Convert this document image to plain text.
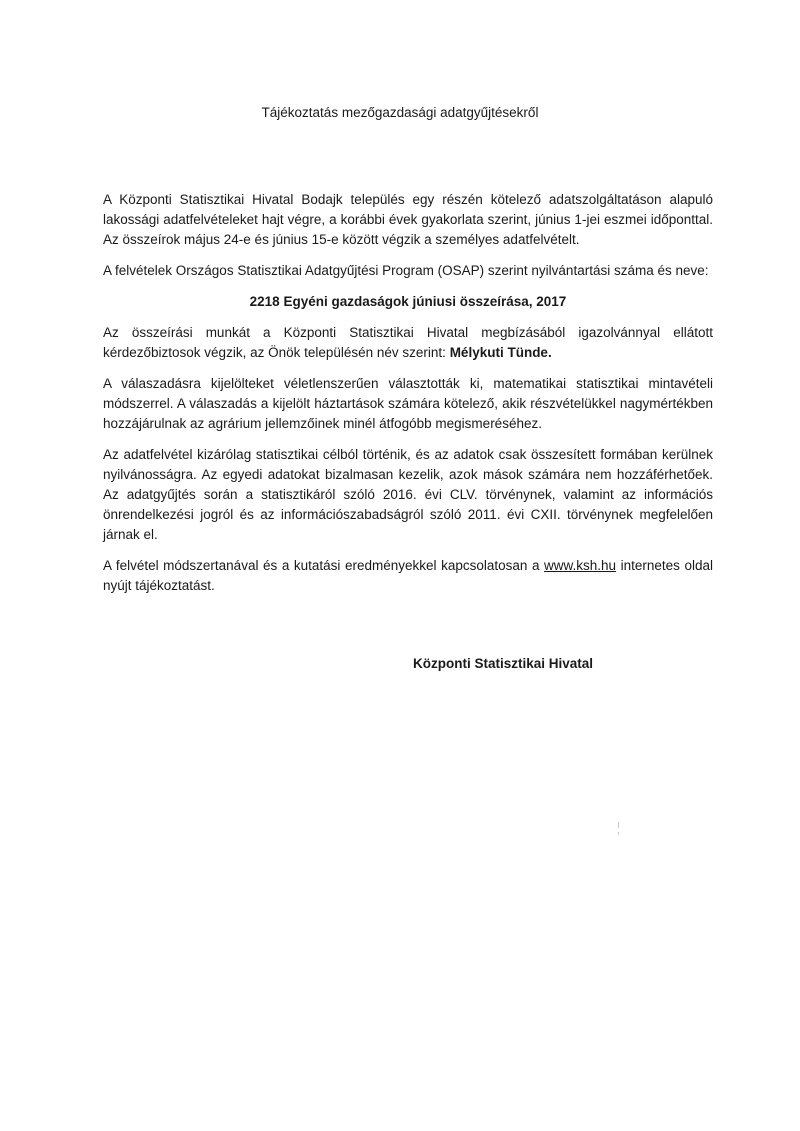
Tájékoztatás mezőgazdasági adatgyűjtésekről

A Központi Statisztikai Hivatal Bodajk település egy részén kötelező adatszolgáltatáson alapuló lakossági adatfelvételeket hajt végre, a korábbi évek gyakorlata szerint, június 1-jei eszmei időponttal. Az összeírok május 24-e és június 15-e között végzik a személyes adatfelvételt.

A felvételek Országos Statisztikai Adatgyűjtési Program (OSAP) szerint nyilvántartási száma és neve:

2218 Egyéni gazdaságok júniusi összeírása, 2017

Az összeírási munkát a Központi Statisztikai Hivatal megbízásából igazolvánnyal ellátott kérdezőbiztosok végzik, az Önök településén név szerint: Mélykuti Tünde.

A válaszadásra kijelölteket véletlenszerűen választották ki, matematikai statisztikai mintavételi módszerrel. A válaszadás a kijelölt háztartások számára kötelező, akik részvételükkel nagymértékben hozzájárulnak az agrárium jellemzőinek minél átfogóbb megismeréséhez.

Az adatfelvétel kizárólag statisztikai célból történik, és az adatok csak összesített formában kerülnek nyilvánosságra. Az egyedi adatokat bizalmasan kezelik, azok mások számára nem hozzáférhetőek. Az adatgyűjtés során a statisztikáról szóló 2016. évi CLV. törvénynek, valamint az információs önrendelkezési jogról és az információszabadságról szóló 2011. évi CXII. törvénynek megfelelően járnak el.

A felvétel módszertanával és a kutatási eredményekkel kapcsolatosan a www.ksh.hu internetes oldal nyújt tájékoztatást.

Központi Statisztikai Hivatal
